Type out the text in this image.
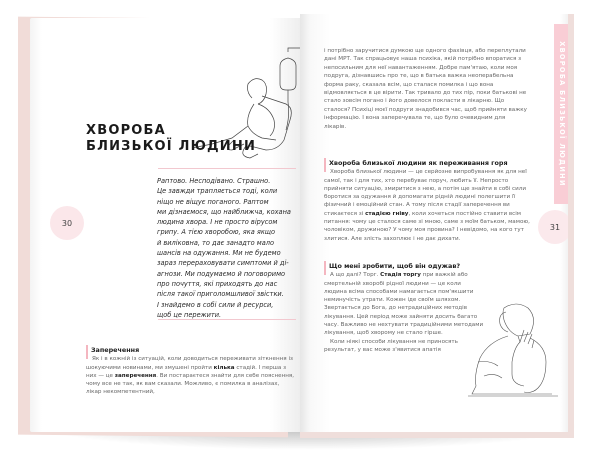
30
ХВОРОБА
БЛИЗЬКОЇ ЛЮДИНИ

Раптово. Несподівано. Страшно.

Це завжди трапляється тоді, коли

ніщо не віщує поганого. Раптом

ми дізнаємося, що найближча, кохана

людина хвора. І не просто вірусом

грипу. А тією хворобою, яка якщо

й виліковна, то дає занадто мало

шансів на одужання. Ми не будемо

зараз перераховувати симптоми й ді-

агнози. Ми подумаємо й поговоримо

про почуття, які приходять до нас

після такої приголомшливої звістки.

І знайдемо в собі сили й ресурси,

щоб це пережити.

Заперечення
Як і в кожній із ситуацій, коли доводиться переживати зіткнення із шокуючими новинами, ми змушені пройти кілька стадій. І перша з них — це заперечення. Ви постараєтеся знайти для себе пояснення, чому все не так, як вам сказали. Можливо, є помилка в аналізах, лікар некомпетентний,
ХВОРОБА БЛИЗЬКОЇ ЛЮДИНИ
31
і потрібно заручитися думкою ще одного фахівця, або переплутали дані МРТ. Так спрацьовує наша психіка, якій потрібно впоратися з непосильним для неї навантаженням. Добре пам'ятаю, коли моя подруга, дізнавшись про те, що в батька важка неоперабельна форма раку, сказала всім, що сталася помилка і що вона відмовляється в це вірити. Так тривало до тих пір, поки батькові не стало зовсім погано і його довелося покласти в лікарню. Що сталося? Психіці моєї подруги знадобився час, щоб прийняти важку інформацію. І вона заперечувала те, що було очевидним для лікарів.
Хвороба близької людини як переживання горя
Хвороба близької людини — це серйозне випробування як для неї самої, так і для тих, хто перебуває поруч, любить її. Непросто прийняти ситуацію, змиритися з нею, а потім ще знайти в собі сили боротися за одужання й допомагати рідній людині полегшити її фізичний і емоційний стан. А тому після стадії заперечення ви стикаєтеся зі стадією гніву, коли хочеться постійно ставити всім питання: чому це сталося саме зі мною, саме з моїм батьком, мамою, чоловіком, дружиною? У чому моя провина? І невідомо, на кого тут злитися. Але злість захоплює і не дає дихати.
Що мені зробити, щоб він одужав?
А що далі? Торг. Стадія торгу при важкій або смертельній хворобі рідної людини — це коли людина всіма способами намагається пом'якшити неминучість утрати. Кожен іде своїм шляхом. Звертається до Бога, до нетрадиційних методів лікування. Цей період може зайняти досить багато часу. Важливо не нехтувати традиційними методами лікування, щоб хворому не стало гірше.
Коли ніякі способи лікування не приносять результат, у вас може з'явитися апатія
